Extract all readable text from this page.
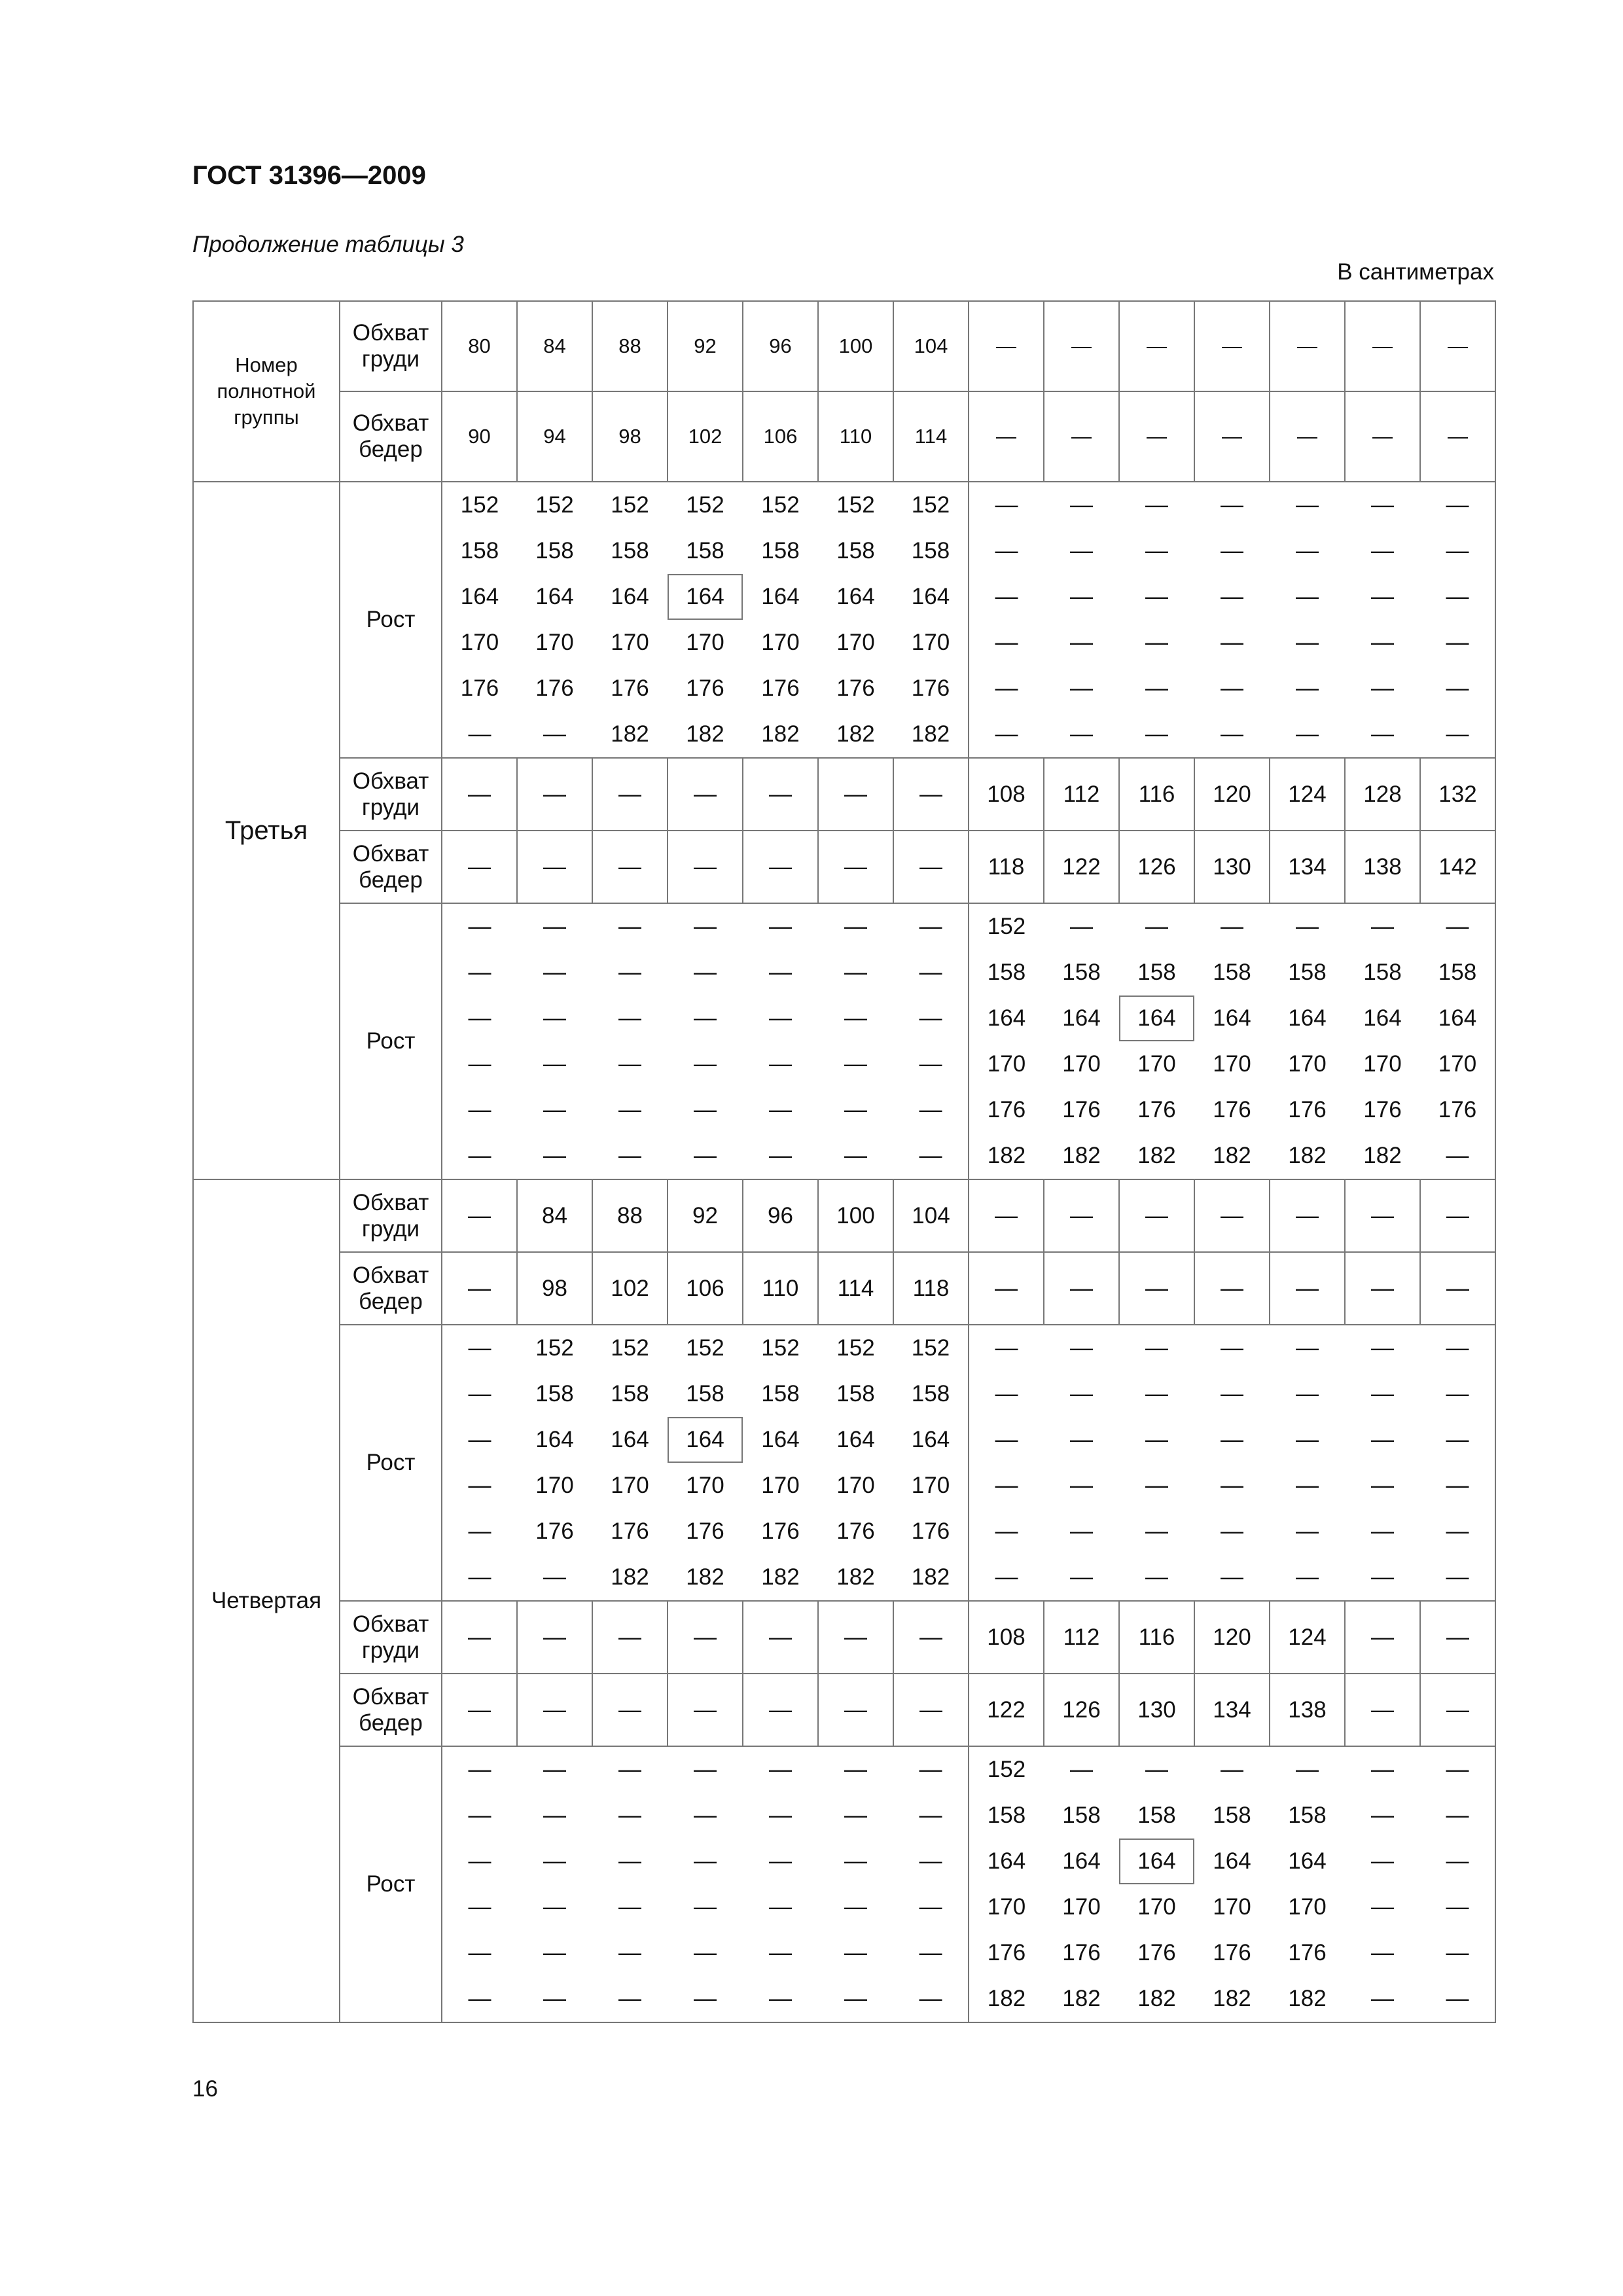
ГОСТ 31396—2009
Продолжение таблицы 3
В сантиметрах
Номер полнотной группы	Обхват груди	80	84	88	92	96	100	104	—	—	—	—	—	—	—
	Обхват бедер	90	94	98	102	106	110	114	—	—	—	—	—	—	—
Третья	Рост	152	152	152	152	152	152	152	—	—	—	—	—	—	—
		158	158	158	158	158	158	158	—	—	—	—	—	—	—
		164	164	164	164	164	164	164	—	—	—	—	—	—	—
		170	170	170	170	170	170	170	—	—	—	—	—	—	—
		176	176	176	176	176	176	176	—	—	—	—	—	—	—
		—	—	182	182	182	182	182	—	—	—	—	—	—	—
	Обхват груди	—	—	—	—	—	—	—	108	112	116	120	124	128	132
	Обхват бедер	—	—	—	—	—	—	—	118	122	126	130	134	138	142
	Рост	—	—	—	—	—	—	—	152	—	—	—	—	—	—
		—	—	—	—	—	—	—	158	158	158	158	158	158	158
		—	—	—	—	—	—	—	164	164	164	164	164	164	164
		—	—	—	—	—	—	—	170	170	170	170	170	170	170
		—	—	—	—	—	—	—	176	176	176	176	176	176	176
		—	—	—	—	—	—	—	182	182	182	182	182	182	—
Четвертая	Обхват груди	—	84	88	92	96	100	104	—	—	—	—	—	—	—
	Обхват бедер	—	98	102	106	110	114	118	—	—	—	—	—	—	—
	Рост	—	152	152	152	152	152	152	—	—	—	—	—	—	—
		—	158	158	158	158	158	158	—	—	—	—	—	—	—
		—	164	164	164	164	164	164	—	—	—	—	—	—	—
		—	170	170	170	170	170	170	—	—	—	—	—	—	—
		—	176	176	176	176	176	176	—	—	—	—	—	—	—
		—	—	182	182	182	182	182	—	—	—	—	—	—	—
	Обхват груди	—	—	—	—	—	—	—	108	112	116	120	124	—	—
	Обхват бедер	—	—	—	—	—	—	—	122	126	130	134	138	—	—
	Рост	—	—	—	—	—	—	—	152	—	—	—	—	—	—
		—	—	—	—	—	—	—	158	158	158	158	158	—	—
		—	—	—	—	—	—	—	164	164	164	164	164	—	—
		—	—	—	—	—	—	—	170	170	170	170	170	—	—
		—	—	—	—	—	—	—	176	176	176	176	176	—	—
		—	—	—	—	—	—	—	182	182	182	182	182	—	—
16
